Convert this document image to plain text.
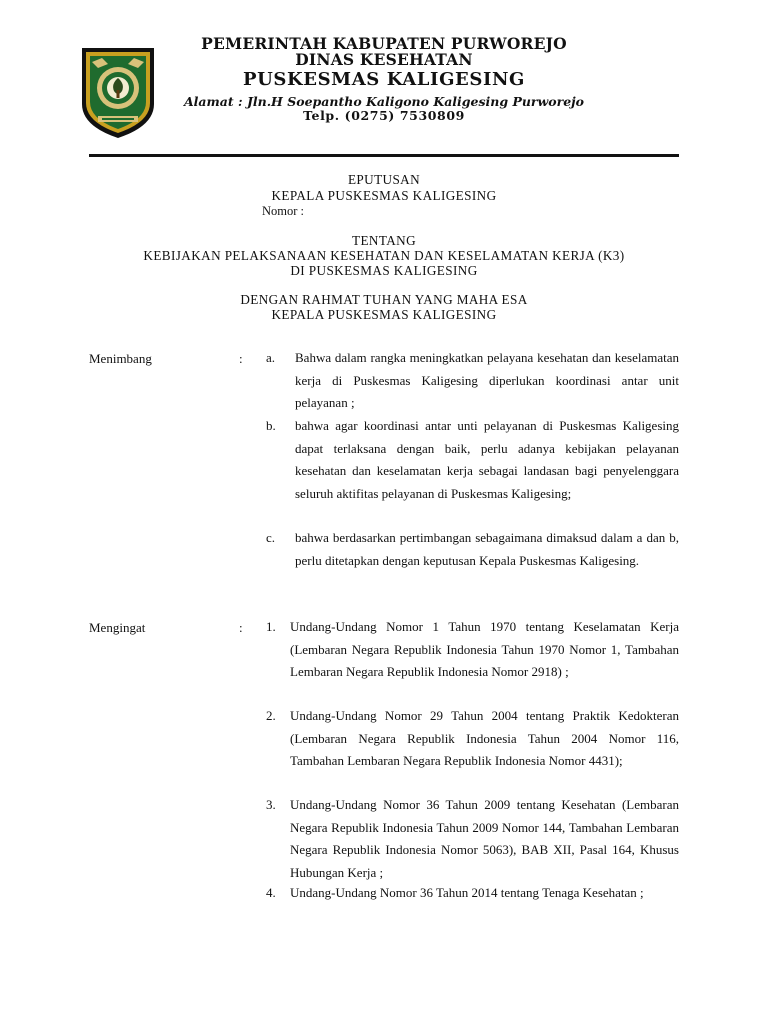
PEMERINTAH KABUPATEN PURWOREJO
DINAS KESEHATAN
PUSKESMAS KALIGESING
Alamat : Jln.H Soepantho Kaligono Kaligesing Purworejo
Telp. (0275) 7530809
EPUTUSAN
KEPALA PUSKESMAS KALIGESING
Nomor :
TENTANG
KEBIJAKAN PELAKSANAAN KESEHATAN DAN KESELAMATAN KERJA (K3)
DI PUSKESMAS KALIGESING
DENGAN RAHMAT TUHAN YANG MAHA ESA
KEPALA PUSKESMAS KALIGESING
Menimbang	: a. Bahwa dalam rangka meningkatkan pelayana kesehatan dan keselamatan kerja di Puskesmas Kaligesing diperlukan koordinasi antar unit pelayanan ;
b. bahwa agar koordinasi antar unti pelayanan di Puskesmas Kaligesing dapat terlaksana dengan baik, perlu adanya kebijakan pelayanan kesehatan dan keselamatan kerja sebagai landasan bagi penyelenggara seluruh aktifitas pelayanan di Puskesmas Kaligesing;
c. bahwa berdasarkan pertimbangan sebagaimana dimaksud dalam a dan b, perlu ditetapkan dengan keputusan Kepala Puskesmas Kaligesing.
Mengingat	: 1. Undang-Undang Nomor 1 Tahun 1970 tentang Keselamatan Kerja (Lembaran Negara Republik Indonesia Tahun 1970 Nomor 1, Tambahan Lembaran Negara Republik Indonesia Nomor 2918) ;
2. Undang-Undang Nomor 29 Tahun 2004 tentang Praktik Kedokteran (Lembaran Negara Republik Indonesia Tahun 2004 Nomor 116, Tambahan Lembaran Negara Republik Indonesia Nomor 4431);
3. Undang-Undang Nomor 36 Tahun 2009 tentang Kesehatan (Lembaran Negara Republik Indonesia Tahun 2009 Nomor 144, Tambahan Lembaran Negara Republik Indonesia Nomor 5063), BAB XII, Pasal 164, Khusus Hubungan Kerja ;
4. Undang-Undang Nomor 36 Tahun 2014 tentang Tenaga Kesehatan ;
